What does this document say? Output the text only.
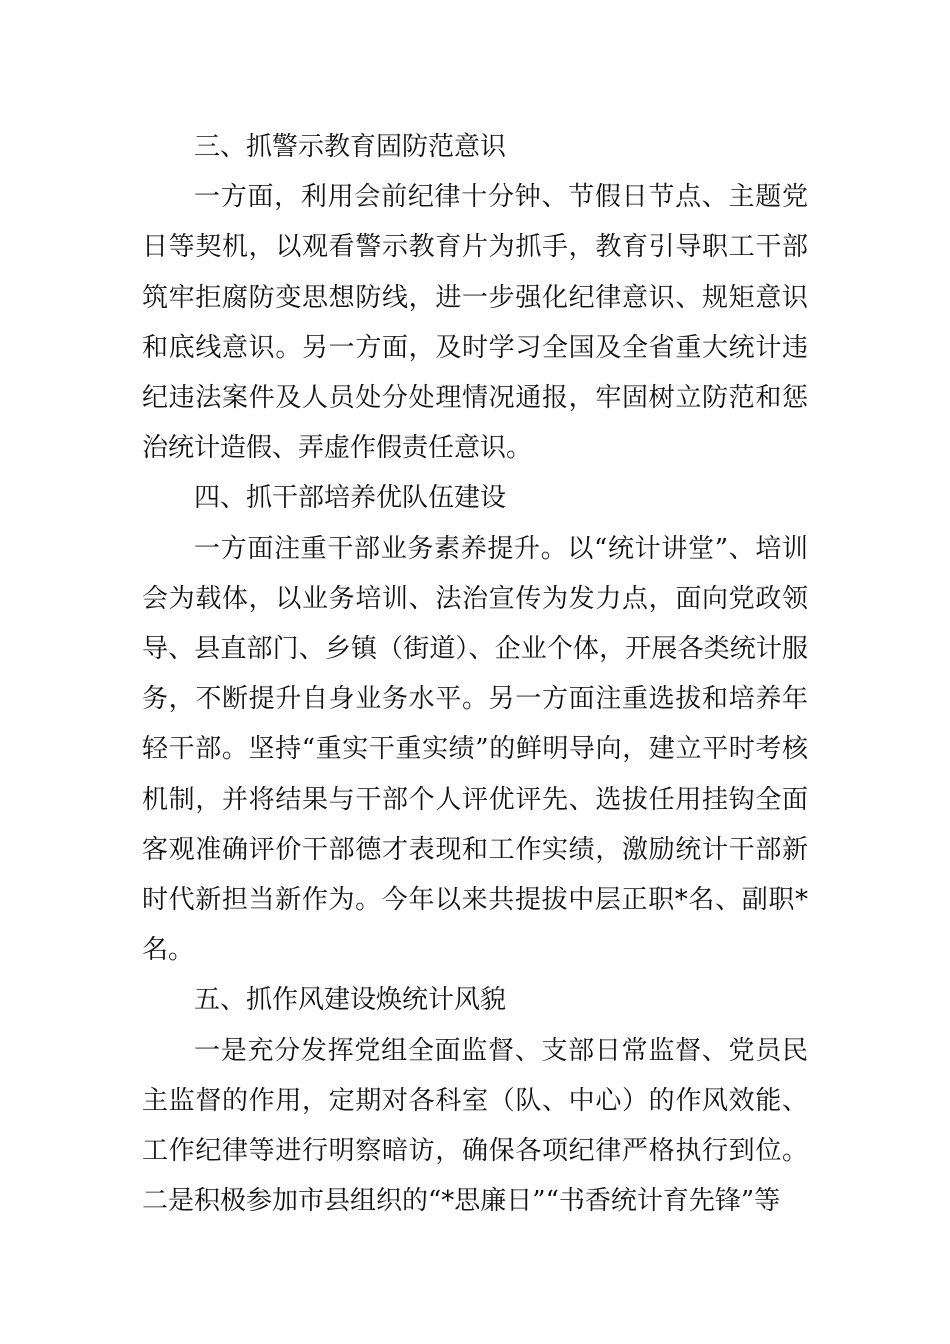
三、抓警示教育固防范意识

一方面，利用会前纪律十分钟、节假日节点、主题党日等契机，以观看警示教育片为抓手，教育引导职工干部筑牢拒腐防变思想防线，进一步强化纪律意识、规矩意识和底线意识。另一方面，及时学习全国及全省重大统计违纪违法案件及人员处分处理情况通报，牢固树立防范和惩治统计造假、弄虚作假责任意识。

四、抓干部培养优队伍建设

一方面注重干部业务素养提升。以“统计讲堂”、培训会为载体，以业务培训、法治宣传为发力点，面向党政领导、县直部门、乡镇（街道）、企业个体，开展各类统计服务，不断提升自身业务水平。另一方面注重选拔和培养年轻干部。坚持“重实干重实绩”的鲜明导向，建立平时考核机制，并将结果与干部个人评优评先、选拔任用挂钩全面客观准确评价干部德才表现和工作实绩，激励统计干部新时代新担当新作为。今年以来共提拔中层正职*名、副职*名。

五、抓作风建设焕统计风貌

一是充分发挥党组全面监督、支部日常监督、党员民主监督的作用，定期对各科室（队、中心）的作风效能、工作纪律等进行明察暗访，确保各项纪律严格执行到位。二是积极参加市县组织的“*思廉日”“书香统计育先锋”等
